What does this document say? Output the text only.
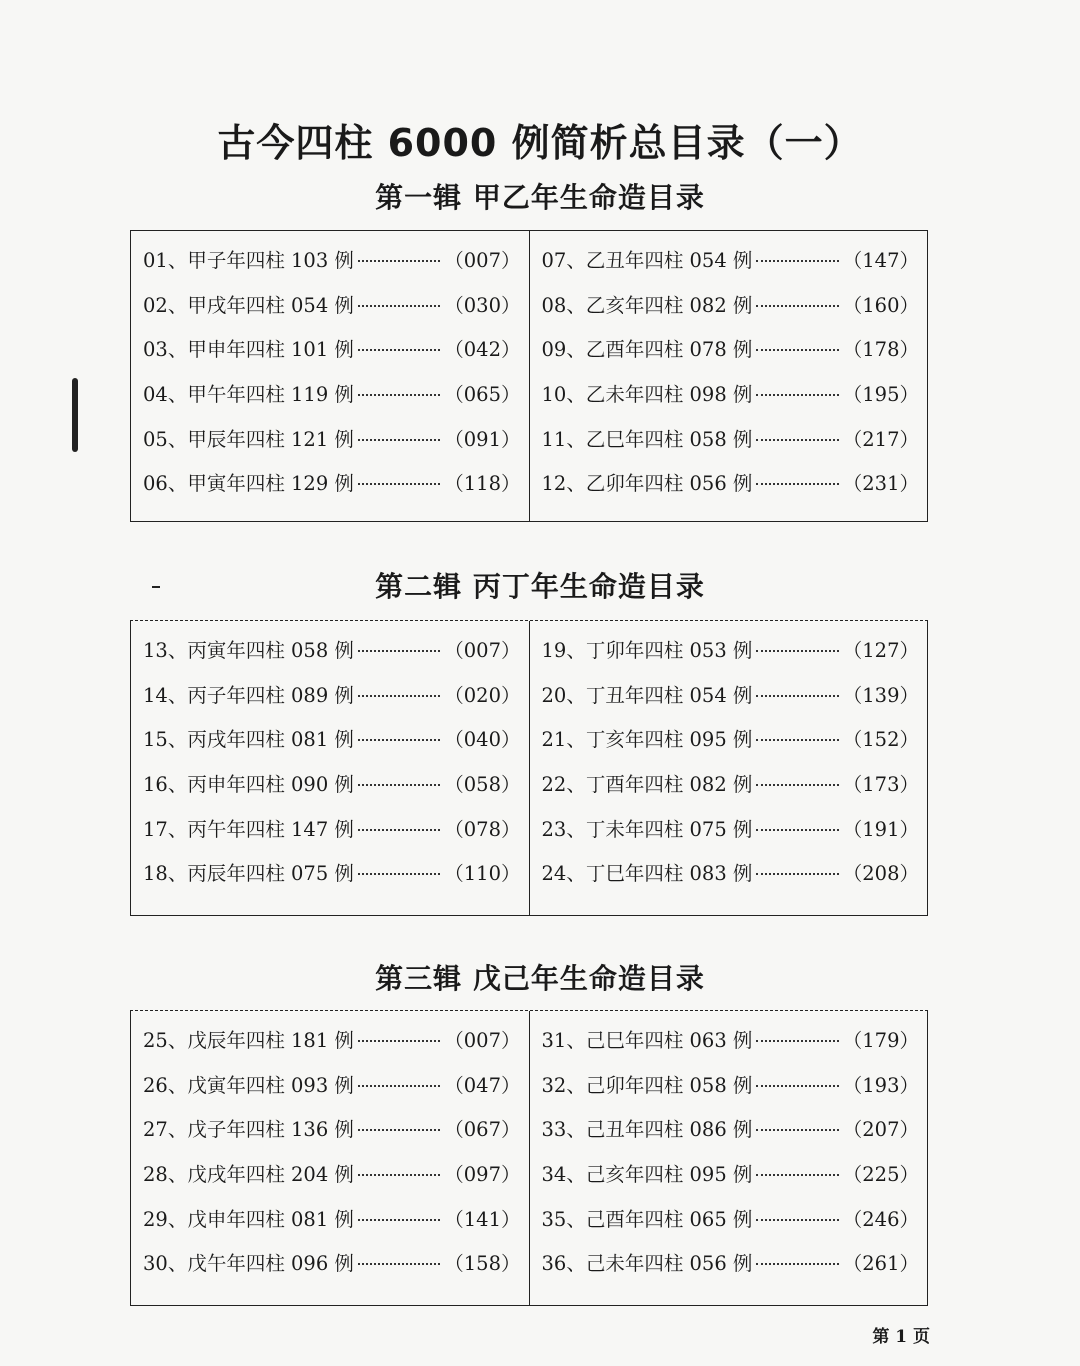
古今四柱 6000 例简析总目录（一）
第一辑 甲乙年生命造目录
01、甲子年四柱 103 例	（007）
02、甲戌年四柱 054 例	（030）
03、甲申年四柱 101 例	（042）
04、甲午年四柱 119 例	（065）
05、甲辰年四柱 121 例	（091）
06、甲寅年四柱 129 例	（118）
07、乙丑年四柱 054 例	（147）
08、乙亥年四柱 082 例	（160）
09、乙酉年四柱 078 例	（178）
10、乙未年四柱 098 例	（195）
11、乙巳年四柱 058 例	（217）
12、乙卯年四柱 056 例	（231）
第二辑 丙丁年生命造目录
13、丙寅年四柱 058 例	（007）
14、丙子年四柱 089 例	（020）
15、丙戌年四柱 081 例	（040）
16、丙申年四柱 090 例	（058）
17、丙午年四柱 147 例	（078）
18、丙辰年四柱 075 例	（110）
19、丁卯年四柱 053 例	（127）
20、丁丑年四柱 054 例	（139）
21、丁亥年四柱 095 例	（152）
22、丁酉年四柱 082 例	（173）
23、丁未年四柱 075 例	（191）
24、丁巳年四柱 083 例	（208）
第三辑 戊己年生命造目录
25、戊辰年四柱 181 例	（007）
26、戊寅年四柱 093 例	（047）
27、戊子年四柱 136 例	（067）
28、戊戌年四柱 204 例	（097）
29、戊申年四柱 081 例	（141）
30、戊午年四柱 096 例	（158）
31、己巳年四柱 063 例	（179）
32、己卯年四柱 058 例	（193）
33、己丑年四柱 086 例	（207）
34、己亥年四柱 095 例	（225）
35、己酉年四柱 065 例	（246）
36、己未年四柱 056 例	（261）
第 1 页
